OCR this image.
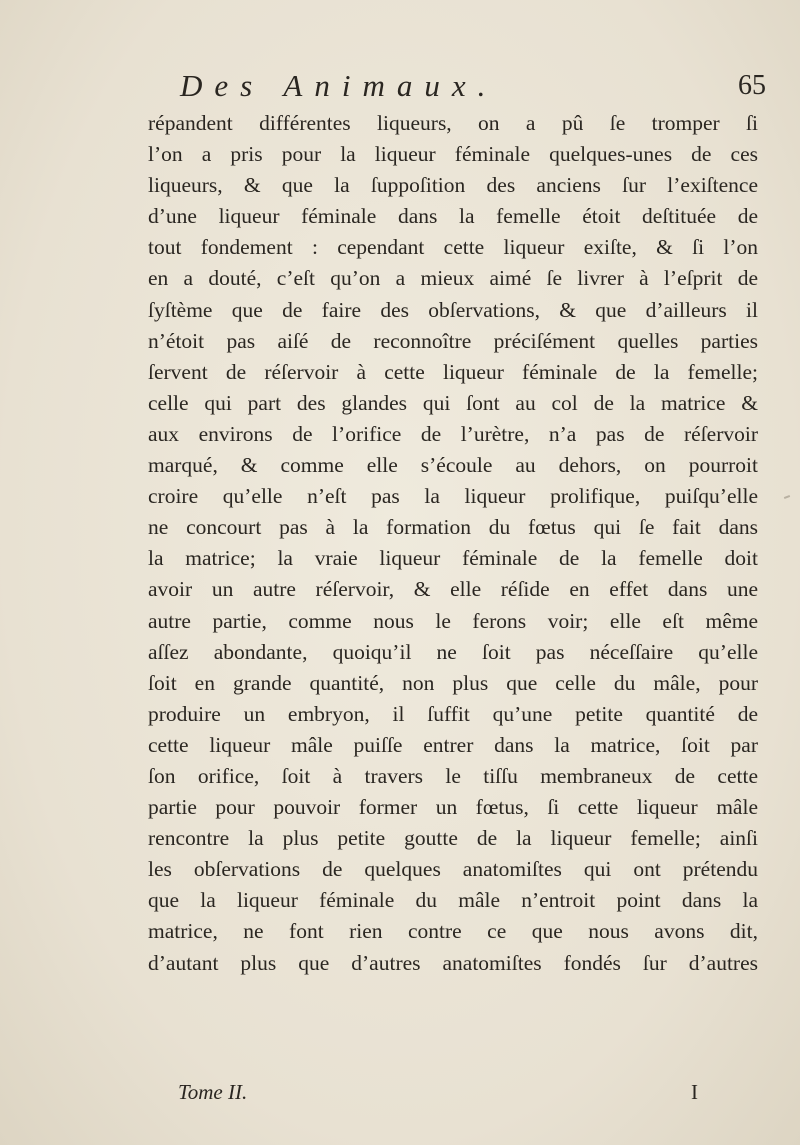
Des Animaux.	65
répandent différentes liqueurs, on a pû ſe tromper ſi
l’on a pris pour la liqueur féminale quelques-unes de ces
liqueurs, & que la ſuppoſition des anciens ſur l’exiſtence
d’une liqueur féminale dans la femelle étoit deſtituée de
tout fondement : cependant cette liqueur exiſte, & ſi l’on
en a douté, c’eſt qu’on a mieux aimé ſe livrer à l’eſprit de
ſyſtème que de faire des obſervations, & que d’ailleurs il
n’étoit pas aiſé de reconnoître préciſément quelles parties
ſervent de réſervoir à cette liqueur féminale de la femelle;
celle qui part des glandes qui ſont au col de la matrice &
aux environs de l’orifice de l’urètre, n’a pas de réſervoir
marqué, & comme elle s’écoule au dehors, on pourroit
croire qu’elle n’eſt pas la liqueur prolifique, puiſqu’elle
ne concourt pas à la formation du fœtus qui ſe fait dans
la matrice; la vraie liqueur féminale de la femelle doit
avoir un autre réſervoir, & elle réſide en effet dans une
autre partie, comme nous le ferons voir; elle eſt même
aſſez abondante, quoiqu’il ne ſoit pas néceſſaire qu’elle
ſoit en grande quantité, non plus que celle du mâle, pour
produire un embryon, il ſuffit qu’une petite quantité de
cette liqueur mâle puiſſe entrer dans la matrice, ſoit par
ſon orifice, ſoit à travers le tiſſu membraneux de cette
partie pour pouvoir former un fœtus, ſi cette liqueur mâle
rencontre la plus petite goutte de la liqueur femelle; ainſi
les obſervations de quelques anatomiſtes qui ont prétendu
que la liqueur féminale du mâle n’entroit point dans la
matrice, ne font rien contre ce que nous avons dit,
d’autant plus que d’autres anatomiſtes fondés ſur d’autres
Tome II.	I
